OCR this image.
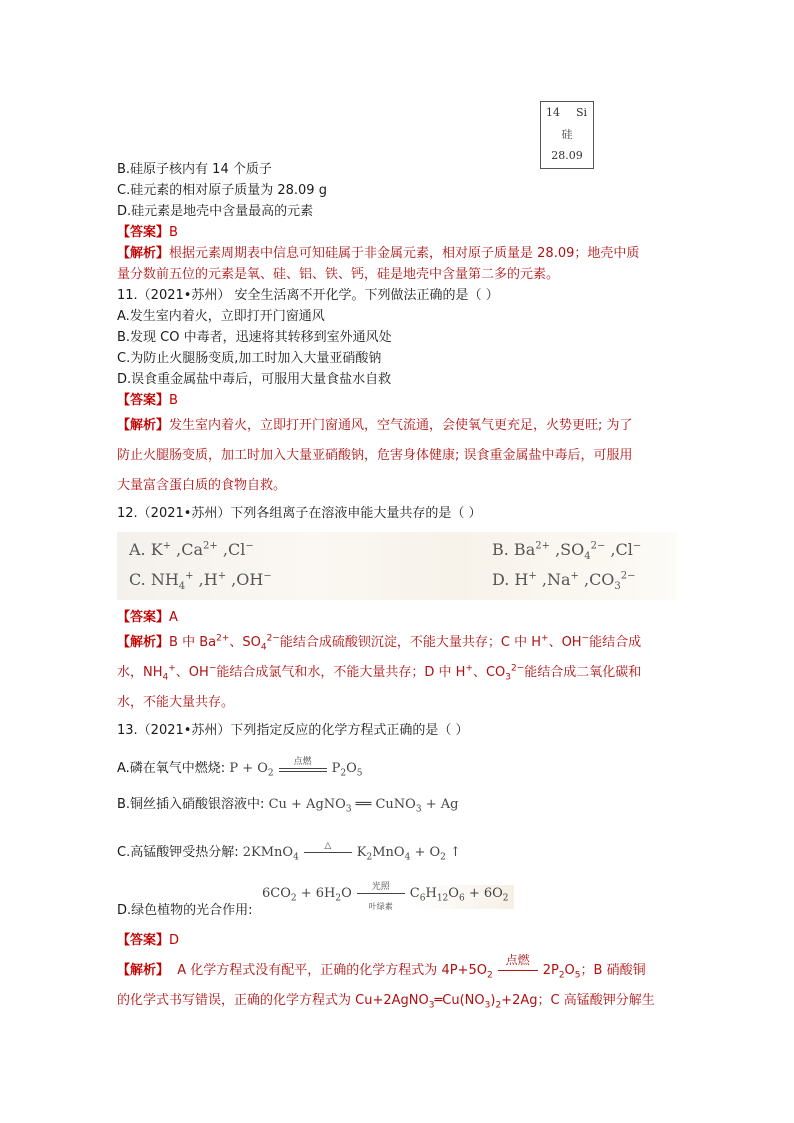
14 Si
硅
28.09
B.硅原子核内有 14 个质子
C.硅元素的相对原子质量为 28.09 g
D.硅元素是地壳中含量最高的元素
【答案】B
【解析】根据元素周期表中信息可知硅属于非金属元素，相对原子质量是 28.09；地壳中质
量分数前五位的元素是氧、硅、铝、铁、钙，硅是地壳中含量第二多的元素。
11.（2021•苏州） 安全生活离不开化学。下列做法正确的是（ ）
A.发生室内着火，立即打开门窗通风
B.发现 CO 中毒者，迅速将其转移到室外通风处
C.为防止火腿肠变质,加工时加入大量亚硝酸钠
D.误食重金属盐中毒后，可服用大量食盐水自救
【答案】B
【解析】发生室内着火，立即打开门窗通风，空气流通，会使氧气更充足，火势更旺; 为了
防止火腿肠变质，加工时加入大量亚硝酸钠，危害身体健康; 误食重金属盐中毒后，可服用
大量富含蛋白质的食物自救。
12.（2021•苏州）下列各组离子在溶液申能大量共存的是（ ）
A. K+ $,Ca^{2+}$ ,Cl−	B. $Ba^{2+}$ $,SO_4^{2-}$ ,Cl−
C. $NH_4^+$ ,H+ ,OH−	D. H+ ,Na+ $,CO_3^{2-}$
【答案】A
【解析】B 中 $Ba^{2+}$、$SO_4^{2-}$能结合成硫酸钡沉淀，不能大量共存；C 中 H+、OH−能结合成
水，$NH_4^+$、OH−能结合成氯气和水，不能大量共存；D 中 H+、$CO_3^{2-}$能结合成二氧化碳和
水，不能大量共存。
13.（2021•苏州）下列指定反应的化学方程式正确的是（ ）
A.磷在氧气中燃烧: $P + O_2$
点燃	$P_2O_5$
B.铜丝插入硝酸银溶液中: Cu + AgNO$_3$ ══ CuNO$_3$ + Ag
C.高锰酸钾受热分解: 2KMnO$_4$
△	$K_2MnO_4 + O_2$ ↑
$6CO_2 + 6H_2O$	光照
叶绿素
$C_6H_{12}O_6 + 6O_2$
D.绿色植物的光合作用:
【答案】D
【解析】 A 化学方程式没有配平，正确的化学方程式为 $4P+5O_2$
点燃
$2P_2O_5$；B 硝酸铜
的化学式书写错误，正确的化学方程式为 $Cu+2AgNO_3═Cu(NO_3)_2+2Ag$；C 高锰酸钾分解生
